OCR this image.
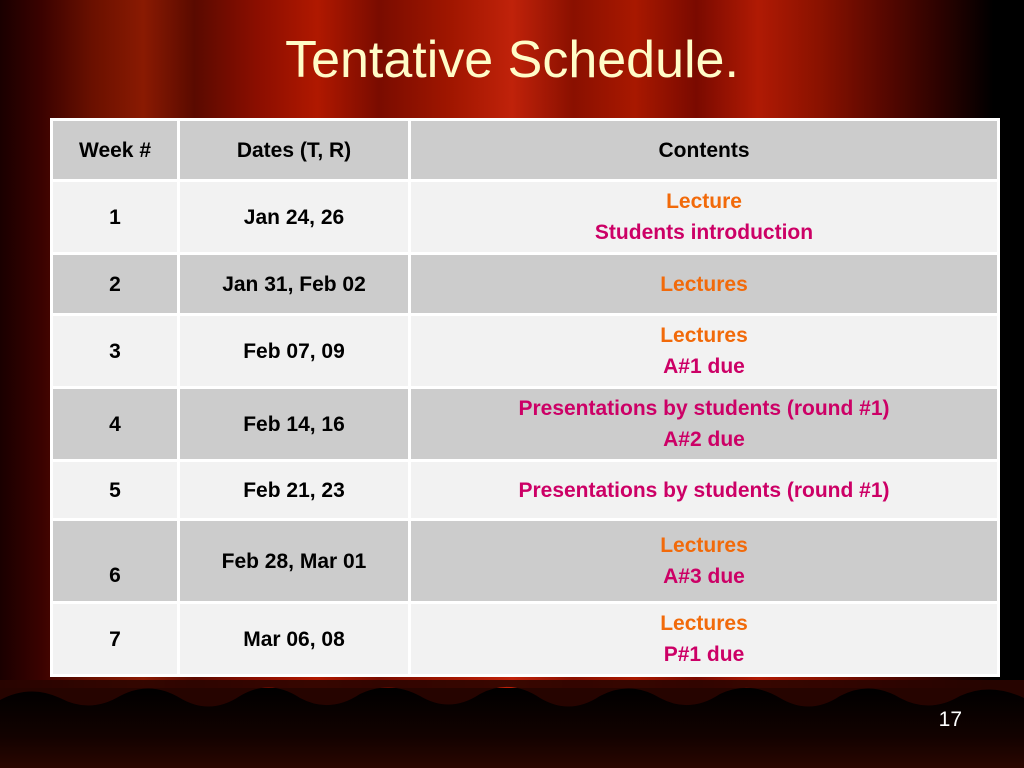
Tentative Schedule.
Week #	Dates (T, R)	Contents
1	Jan 24, 26	Lecture
Students introduction

2	Jan 31, Feb 02	Lectures

3	Feb 07, 09	Lectures
A#1 due

4	Feb 14, 16	Presentations by students (round #1)
A#2 due

5	Feb 21, 23	Presentations by students (round #1)

6	Feb 28, Mar 01	Lectures
A#3 due

7	Mar 06, 08	Lectures
P#1 due
17
